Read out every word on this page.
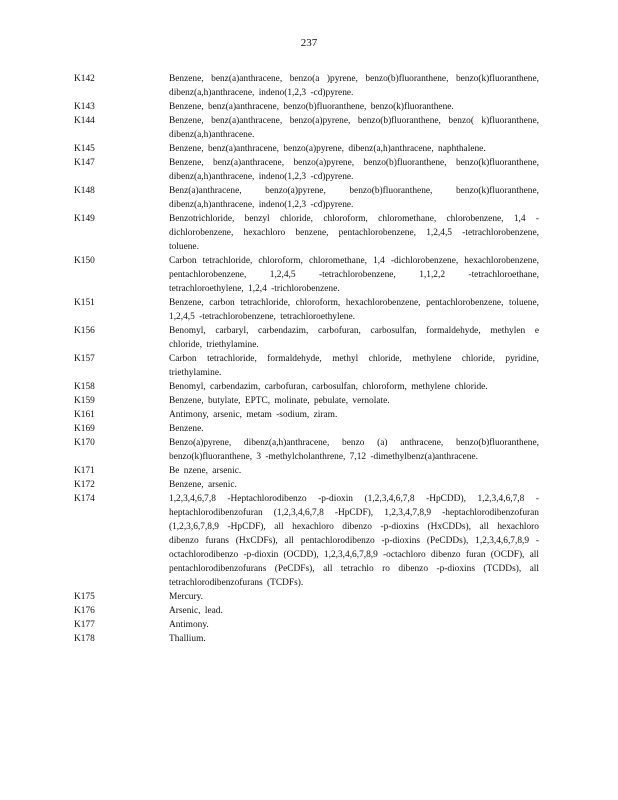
237
K142	Benzene, benz(a)anthracene, benzo(a )pyrene, benzo(b)fluoranthene, benzo(k)fluoranthene, dibenz(a,h)anthracene, indeno(1,2,3 -cd)pyrene.
K143	Benzene, benz(a)anthracene, benzo(b)fluoranthene, benzo(k)fluoranthene.
K144	Benzene, benz(a)anthracene, benzo(a)pyrene, benzo(b)fluoranthene, benzo( k)fluoranthene, dibenz(a,h)anthracene.
K145	Benzene, benz(a)anthracene, benzo(a)pyrene, dibenz(a,h)anthracene, naphthalene.
K147	Benzene, benz(a)anthracene, benzo(a)pyrene, benzo(b)fluoranthene, benzo(k)fluoranthene, dibenz(a,h)anthracene, indeno(1,2,3 -cd)pyrene.
K148	Benz(a)anthracene, benzo(a)pyrene, benzo(b)fluoranthene, benzo(k)fluoranthene, dibenz(a,h)anthracene, indeno(1,2,3 -cd)pyrene.
K149	Benzotrichloride, benzyl chloride, chloroform, chloromethane, chlorobenzene, 1,4 -dichlorobenzene, hexachloro benzene, pentachlorobenzene, 1,2,4,5 -tetrachlorobenzene, toluene.
K150	Carbon tetrachloride, chloroform, chloromethane, 1,4 -dichlorobenzene, hexachlorobenzene, pentachlorobenzene, 1,2,4,5 -tetrachlorobenzene, 1,1,2,2 -tetrachloroethane, tetrachloroethylene, 1,2,4 -trichlorobenzene.
K151	Benzene, carbon tetrachloride, chloroform, hexachlorobenzene, pentachlorobenzene, toluene, 1,2,4,5 -tetrachlorobenzene, tetrachloroethylene.
K156	Benomyl, carbaryl, carbendazim, carbofuran, carbosulfan, formaldehyde, methylen e chloride, triethylamine.
K157	Carbon tetrachloride, formaldehyde, methyl chloride, methylene chloride, pyridine, triethylamine.
K158	Benomyl, carbendazim, carbofuran, carbosulfan, chloroform, methylene chloride.
K159	Benzene, butylate, EPTC, molinate, pebulate, vernolate.
K161	Antimony, arsenic, metam -sodium, ziram.
K169	Benzene.
K170	Benzo(a)pyrene, dibenz(a,h)anthracene, benzo (a) anthracene, benzo(b)fluoranthene, benzo(k)fluoranthene, 3 -methylcholanthrene, 7,12 -dimethylbenz(a)anthracene.
K171	Be nzene, arsenic.
K172	Benzene, arsenic.
K174	1,2,3,4,6,7,8 -Heptachlorodibenzo -p-dioxin (1,2,3,4,6,7,8 -HpCDD), 1,2,3,4,6,7,8 -heptachlorodibenzofuran (1,2,3,4,6,7,8 -HpCDF), 1,2,3,4,7,8,9 -heptachlorodibenzofuran (1,2,3,6,7,8,9 -HpCDF), all hexachloro dibenzo -p-dioxins (HxCDDs), all hexachloro dibenzo furans (HxCDFs), all pentachlorodibenzo -p-dioxins (PeCDDs), 1,2,3,4,6,7,8,9 -octachlorodibenzo -p-dioxin (OCDD), 1,2,3,4,6,7,8,9 -octachloro dibenzo furan (OCDF), all pentachlorodibenzofurans (PeCDFs), all tetrachlo ro dibenzo -p-dioxins (TCDDs), all tetrachlorodibenzofurans (TCDFs).
K175	Mercury.
K176	Arsenic, lead.
K177	Antimony.
K178	Thallium.
